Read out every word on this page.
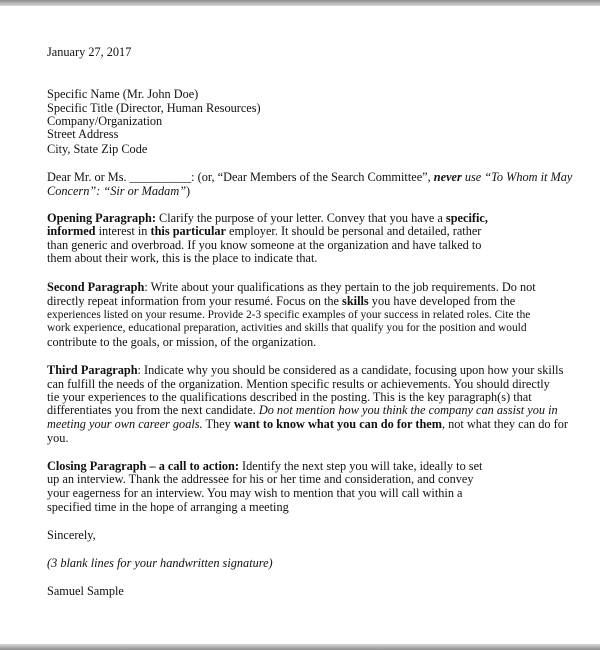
January 27, 2017
Specific Name (Mr. John Doe)
Specific Title (Director, Human Resources)
Company/Organization
Street Address
City, State Zip Code
Dear Mr. or Ms. __________: (or, “Dear Members of the Search Committee”, never use “To Whom it May
Concern”: “Sir or Madam”)
Opening Paragraph: Clarify the purpose of your letter. Convey that you have a specific,
informed interest in this particular employer. It should be personal and detailed, rather
than generic and overbroad. If you know someone at the organization and have talked to
them about their work, this is the place to indicate that.
Second Paragraph: Write about your qualifications as they pertain to the job requirements. Do not
directly repeat information from your resumé. Focus on the skills you have developed from the
experiences listed on your resume. Provide 2-3 specific examples of your success in related roles. Cite the
work experience, educational preparation, activities and skills that qualify you for the position and would
contribute to the goals, or mission, of the organization.
Third Paragraph: Indicate why you should be considered as a candidate, focusing upon how your skills
can fulfill the needs of the organization. Mention specific results or achievements. You should directly
tie your experiences to the qualifications described in the posting. This is the key paragraph(s) that
differentiates you from the next candidate. Do not mention how you think the company can assist you in
meeting your own career goals. They want to know what you can do for them, not what they can do for
you.
Closing Paragraph – a call to action: Identify the next step you will take, ideally to set
up an interview. Thank the addressee for his or her time and consideration, and convey
your eagerness for an interview. You may wish to mention that you will call within a
specified time in the hope of arranging a meeting
Sincerely,
(3 blank lines for your handwritten signature)
Samuel Sample
